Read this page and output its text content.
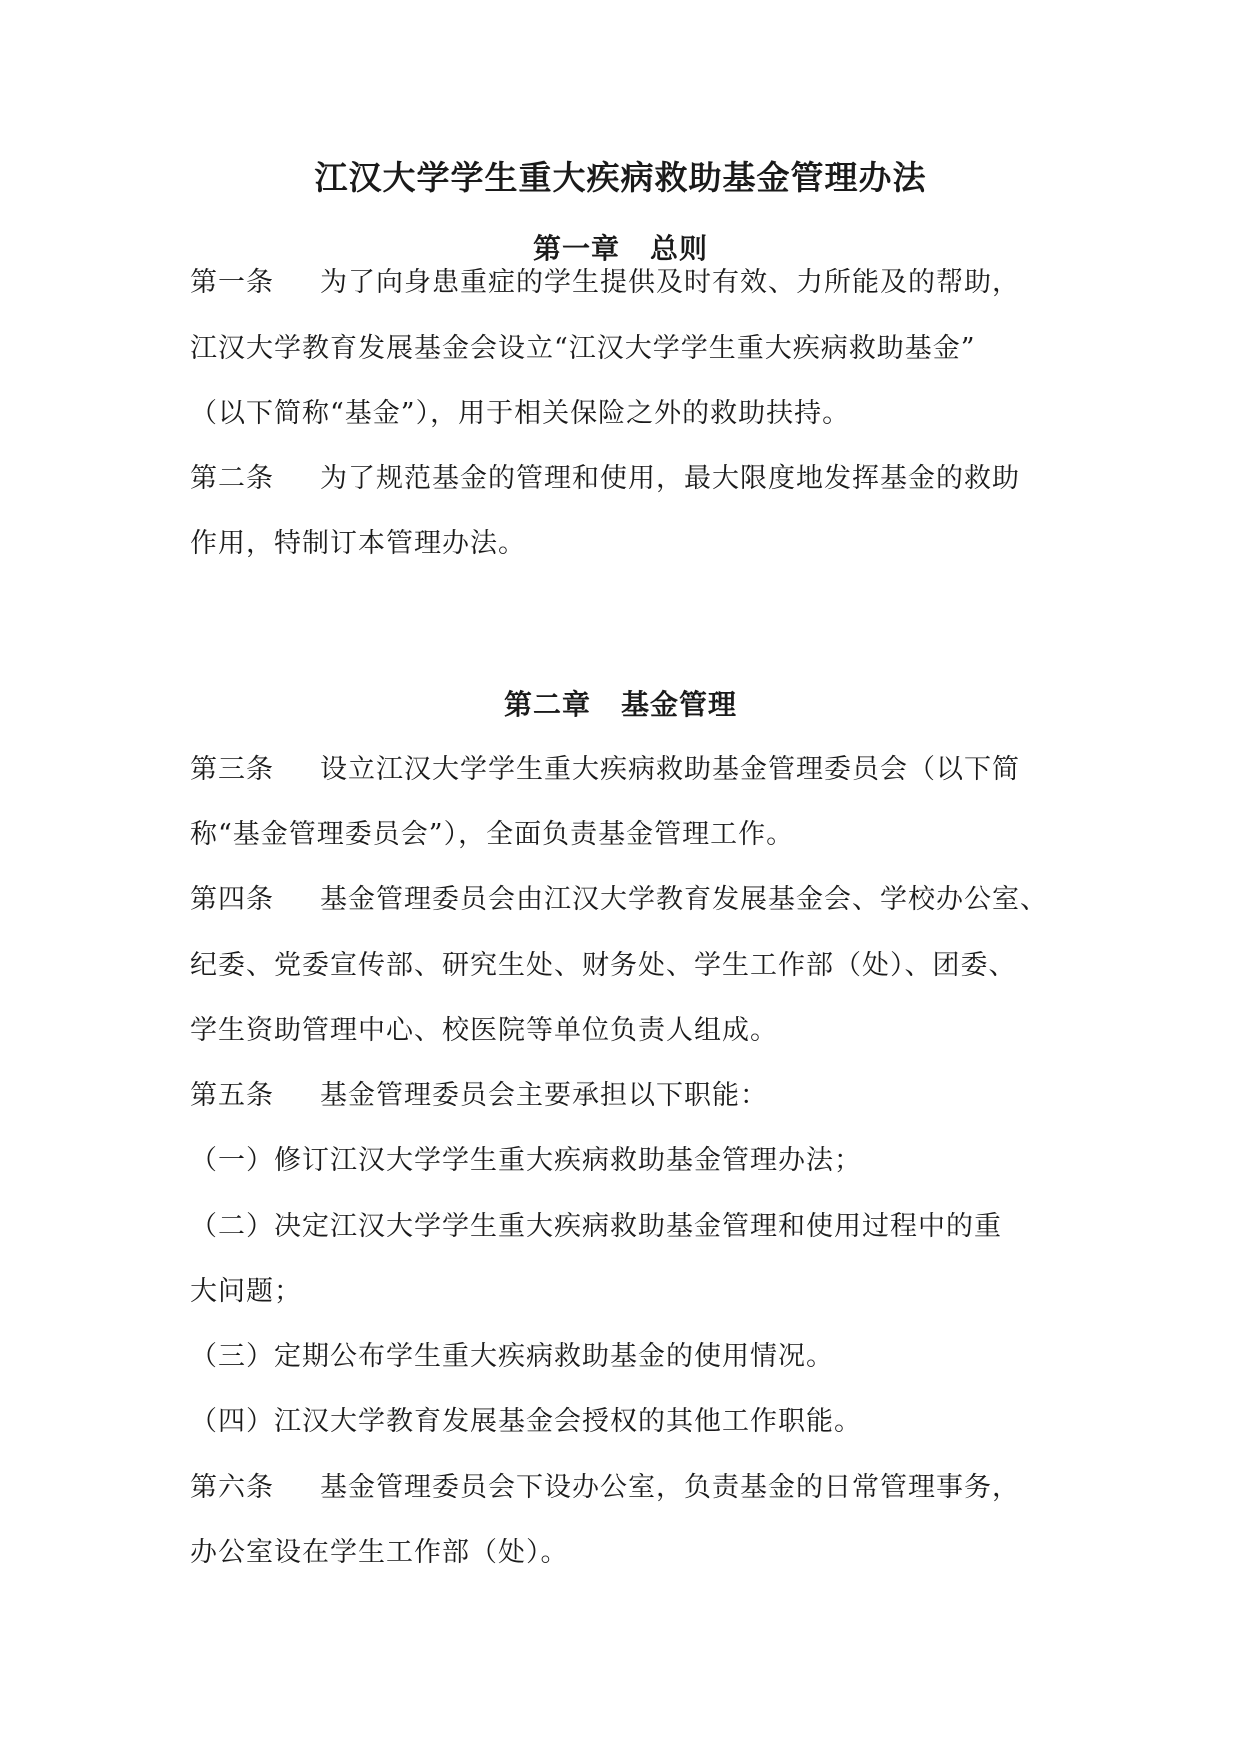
江汉大学学生重大疾病救助基金管理办法
第一章 总则
第一条 为了向身患重症的学生提供及时有效、力所能及的帮助，
江汉大学教育发展基金会设立“江汉大学学生重大疾病救助基金”
（以下简称“基金”），用于相关保险之外的救助扶持。
第二条 为了规范基金的管理和使用，最大限度地发挥基金的救助
作用，特制订本管理办法。
第二章 基金管理
第三条 设立江汉大学学生重大疾病救助基金管理委员会（以下简
称“基金管理委员会”），全面负责基金管理工作。
第四条 基金管理委员会由江汉大学教育发展基金会、学校办公室、
纪委、党委宣传部、研究生处、财务处、学生工作部（处）、团委、
学生资助管理中心、校医院等单位负责人组成。
第五条 基金管理委员会主要承担以下职能：
（一）修订江汉大学学生重大疾病救助基金管理办法；
（二）决定江汉大学学生重大疾病救助基金管理和使用过程中的重
大问题；
（三）定期公布学生重大疾病救助基金的使用情况。
（四）江汉大学教育发展基金会授权的其他工作职能。
第六条 基金管理委员会下设办公室，负责基金的日常管理事务，
办公室设在学生工作部（处）。
